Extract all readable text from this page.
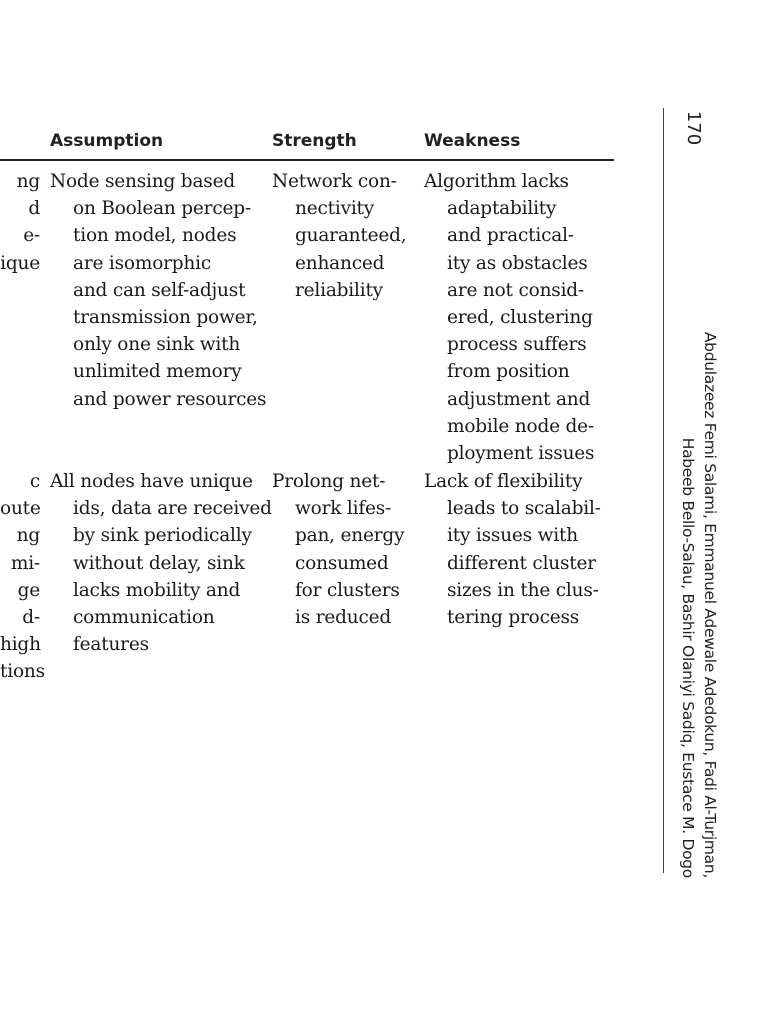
Assumption	Strength	Weakness
ng
d
e-
ique
c
oute
ng
mi-
ge
d-
high
tions
Node sensing based
on Boolean percep-
tion model, nodes
are isomorphic
and can self-adjust
transmission power,
only one sink with
unlimited memory
and power resources
Network con-
nectivity
guaranteed,
enhanced
reliability
Algorithm lacks
adaptability
and practical-
ity as obstacles
are not consid-
ered, clustering
process suffers
from position
adjustment and
mobile node de-
ployment issues
All nodes have unique
ids, data are received
by sink periodically
without delay, sink
lacks mobility and
communication
features
Prolong net-
work lifes-
pan, energy
consumed
for clusters
is reduced
Lack of flexibility
leads to scalabil-
ity issues with
different cluster
sizes in the clus-
tering process
170
Abdulazeez Femi Salami, Emmanuel Adewale Adedokun, Fadi Al-Turjman,
Habeeb Bello-Salau, Bashir Olaniyi Sadiq, Eustace M. Dogo
